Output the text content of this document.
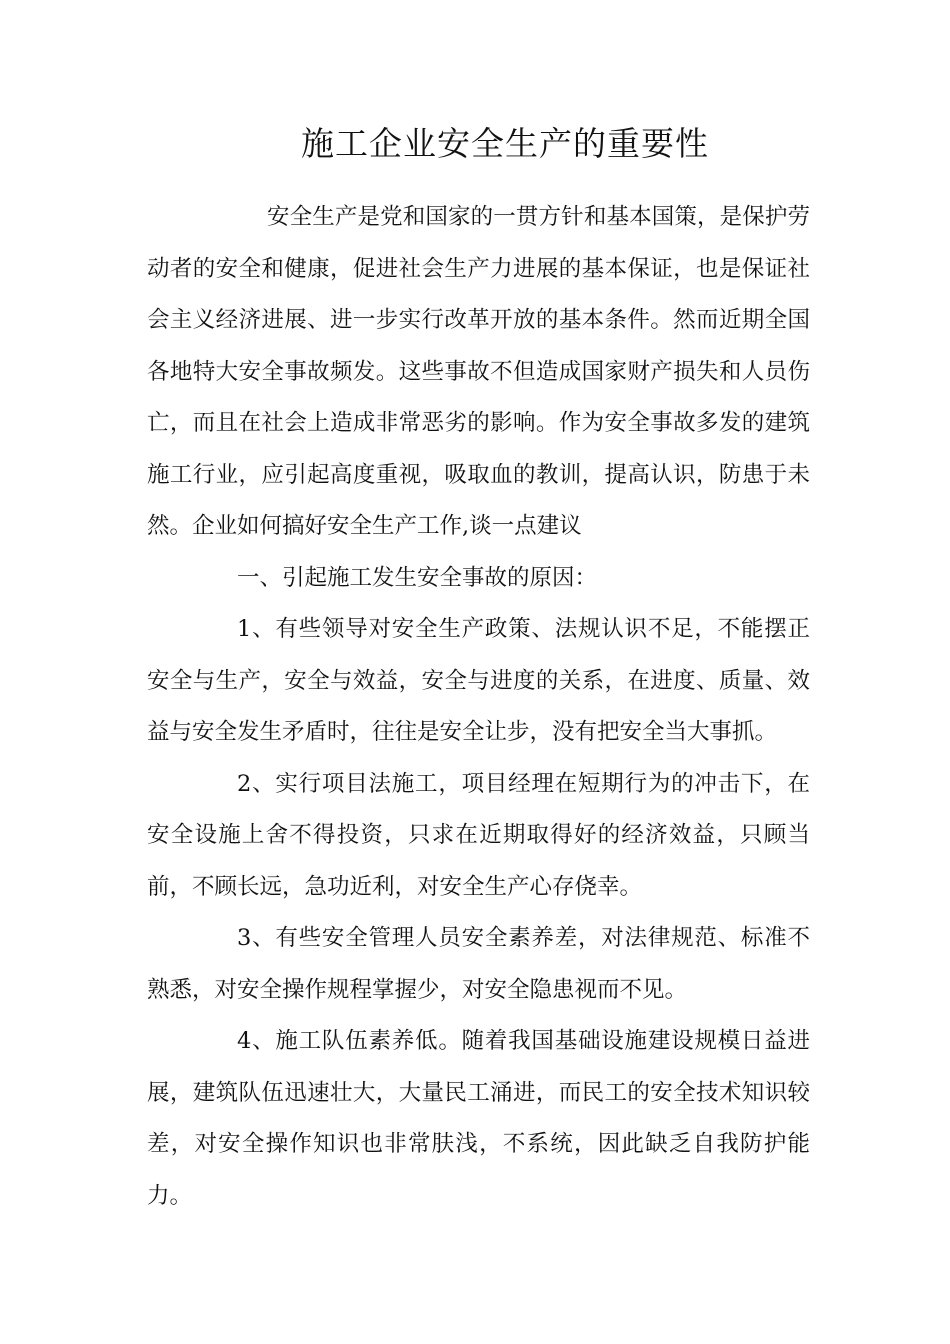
施工企业安全生产的重要性

安全生产是党和国家的一贯方针和基本国策，是保护劳动者的安全和健康，促进社会生产力进展的基本保证，也是保证社会主义经济进展、进一步实行改革开放的基本条件。然而近期全国各地特大安全事故频发。这些事故不但造成国家财产损失和人员伤亡，而且在社会上造成非常恶劣的影响。作为安全事故多发的建筑施工行业，应引起高度重视，吸取血的教训，提高认识，防患于未然。企业如何搞好安全生产工作,谈一点建议

一、引起施工发生安全事故的原因：

1、有些领导对安全生产政策、法规认识不足，不能摆正安全与生产，安全与效益，安全与进度的关系，在进度、质量、效益与安全发生矛盾时，往往是安全让步，没有把安全当大事抓。

2、实行项目法施工，项目经理在短期行为的冲击下，在安全设施上舍不得投资，只求在近期取得好的经济效益，只顾当前，不顾长远，急功近利，对安全生产心存侥幸。

3、有些安全管理人员安全素养差，对法律规范、标准不熟悉，对安全操作规程掌握少，对安全隐患视而不见。

4、施工队伍素养低。随着我国基础设施建设规模日益进展，建筑队伍迅速壮大，大量民工涌进，而民工的安全技术知识较差，对安全操作知识也非常肤浅，不系统，因此缺乏自我防护能力。
